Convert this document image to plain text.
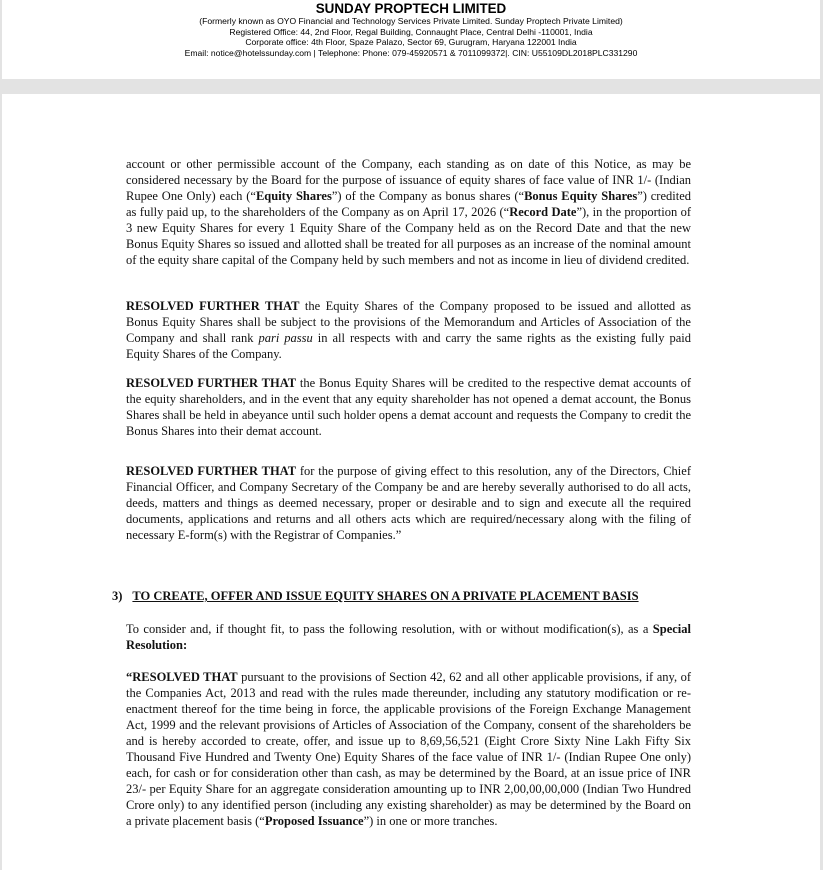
SUNDAY PROPTECH LIMITED
(Formerly known as OYO Financial and Technology Services Private Limited. Sunday Proptech Private Limited)
Registered Office: 44, 2nd Floor, Regal Building, Connaught Place, Central Delhi -110001, India
Corporate office: 4th Floor, Spaze Palazo, Sector 69, Gurugram, Haryana 122001 India
Email: notice@hotelssunday.com | Telephone: Phone: 079-45920571 & 7011099372|. CIN: U55109DL2018PLC331290

account or other permissible account of the Company, each standing as on date of this Notice, as may be considered necessary by the Board for the purpose of issuance of equity shares of face value of INR 1/- (Indian Rupee One Only) each (“Equity Shares”) of the Company as bonus shares (“Bonus Equity Shares”) credited as fully paid up, to the shareholders of the Company as on April 17, 2026 (“Record Date”), in the proportion of 3 new Equity Shares for every 1 Equity Share of the Company held as on the Record Date and that the new Bonus Equity Shares so issued and allotted shall be treated for all purposes as an increase of the nominal amount of the equity share capital of the Company held by such members and not as income in lieu of dividend credited.

RESOLVED FURTHER THAT the Equity Shares of the Company proposed to be issued and allotted as Bonus Equity Shares shall be subject to the provisions of the Memorandum and Articles of Association of the Company and shall rank pari passu in all respects with and carry the same rights as the existing fully paid Equity Shares of the Company.

RESOLVED FURTHER THAT the Bonus Equity Shares will be credited to the respective demat accounts of the equity shareholders, and in the event that any equity shareholder has not opened a demat account, the Bonus Shares shall be held in abeyance until such holder opens a demat account and requests the Company to credit the Bonus Shares into their demat account.

RESOLVED FURTHER THAT for the purpose of giving effect to this resolution, any of the Directors, Chief Financial Officer, and Company Secretary of the Company be and are hereby severally authorised to do all acts, deeds, matters and things as deemed necessary, proper or desirable and to sign and execute all the required documents, applications and returns and all others acts which are required/necessary along with the filing of necessary E-form(s) with the Registrar of Companies.”

3) TO CREATE, OFFER AND ISSUE EQUITY SHARES ON A PRIVATE PLACEMENT BASIS

To consider and, if thought fit, to pass the following resolution, with or without modification(s), as a Special Resolution:

“RESOLVED THAT pursuant to the provisions of Section 42, 62 and all other applicable provisions, if any, of the Companies Act, 2013 and read with the rules made thereunder, including any statutory modification or re-enactment thereof for the time being in force, the applicable provisions of the Foreign Exchange Management Act, 1999 and the relevant provisions of Articles of Association of the Company, consent of the shareholders be and is hereby accorded to create, offer, and issue up to 8,69,56,521 (Eight Crore Sixty Nine Lakh Fifty Six Thousand Five Hundred and Twenty One) Equity Shares of the face value of INR 1/- (Indian Rupee One only) each, for cash or for consideration other than cash, as may be determined by the Board, at an issue price of INR 23/- per Equity Share for an aggregate consideration amounting up to INR 2,00,00,00,000 (Indian Two Hundred Crore only) to any identified person (including any existing shareholder) as may be determined by the Board on a private placement basis (“Proposed Issuance”) in one or more tranches.
